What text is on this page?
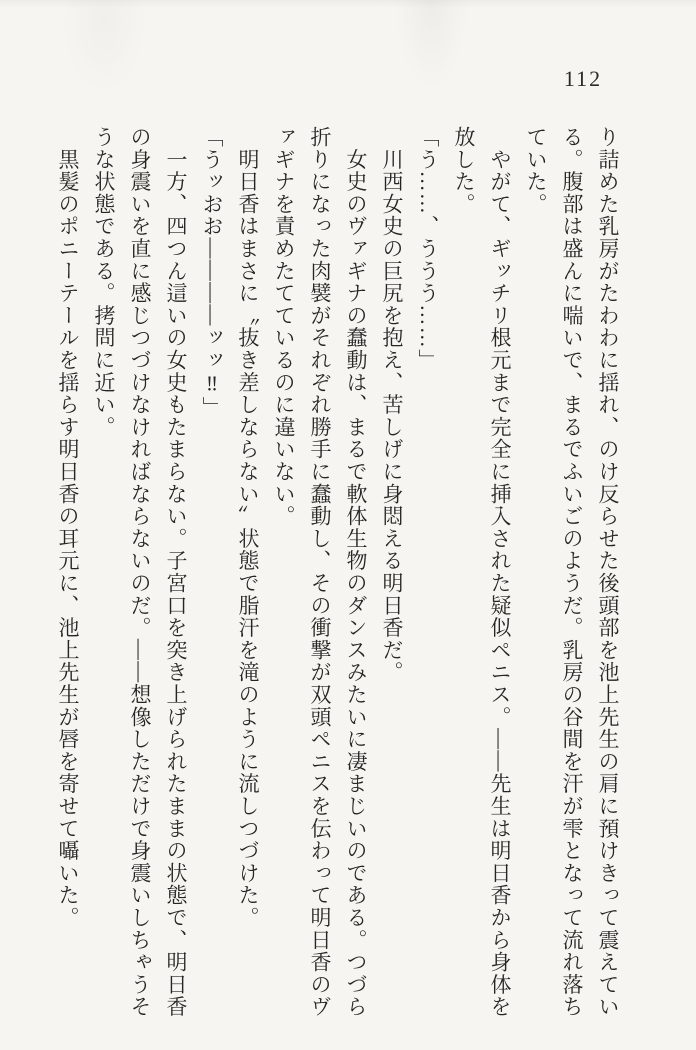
112
り詰めた乳房がたわわに揺れ、のけ反らせた後頭部を池上先生の肩に預けきって震えてい
る。腹部は盛んに喘いで、まるでふいごのようだ。乳房の谷間を汗が雫となって流れ落ち
ていた。
　やがて、ギッチリ根元まで完全に挿入された疑似ペニス。――先生は明日香から身体を
放した。
「う……、ううう……」
　川西女史の巨尻を抱え、苦しげに身悶える明日香だ。
　女史のヴァギナの蠢動は、まるで軟体生物のダンスみたいに凄まじいのである。つづら
折りになった肉襞がそれぞれ勝手に蠢動し、その衝撃が双頭ペニスを伝わって明日香のヴ
ァギナを責めたてているのに違いない。
　明日香はまさに〝抜き差しならない〟状態で脂汗を滝のように流しつづけた。
「うッおお――――ッッ‼」
　一方、四つん這いの女史もたまらない。子宮口を突き上げられたままの状態で、明日香
の身震いを直に感じつづけなければならないのだ。――想像しただけで身震いしちゃうそ
うな状態である。拷問に近い。
　黒髪のポニーテールを揺らす明日香の耳元に、池上先生が唇を寄せて囁いた。
